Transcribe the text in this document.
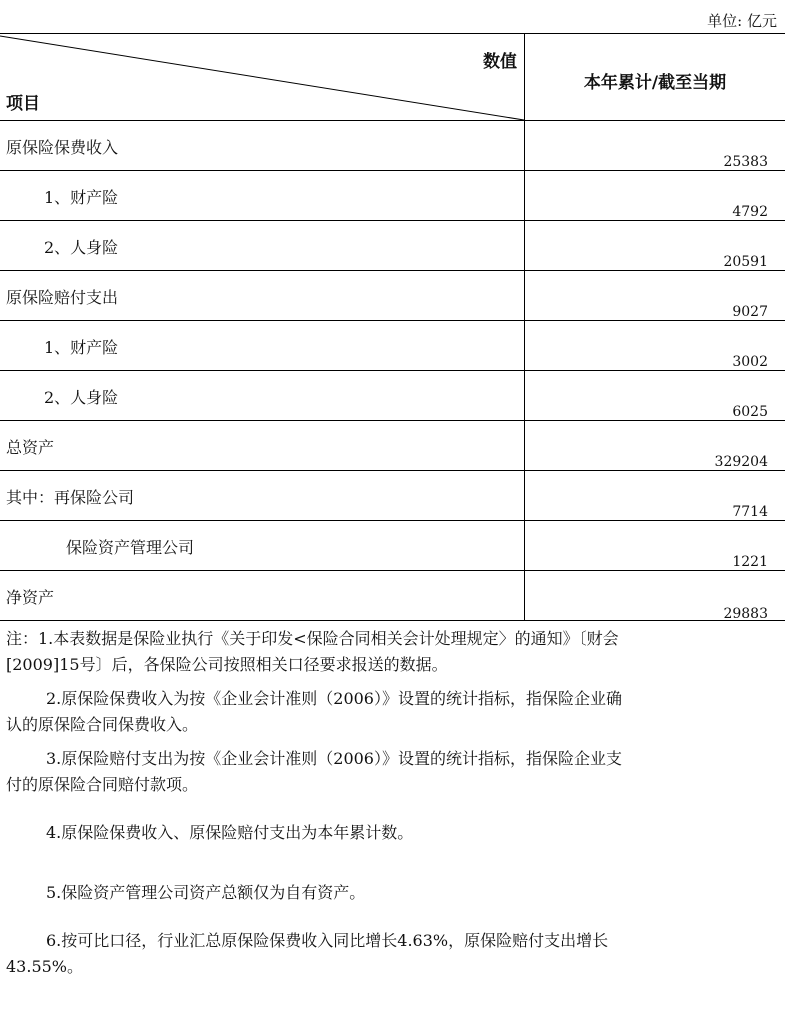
单位: 亿元
数值
项目
本年累计/截至当期
原保险保费收入
25383
1、财产险
4792
2、人身险
20591
原保险赔付支出
9027
1、财产险
3002
2、人身险
6025
总资产
329204
其中：再保险公司
7714
保险资产管理公司
1221
净资产
29883

注：1.本表数据是保险业执行《关于印发<保险合同相关会计处理规定〉的通知》〔财会

[2009]15号〕后，各保险公司按照相关口径要求报送的数据。

2.原保险保费收入为按《企业会计准则（2006）》设置的统计指标，指保险企业确

认的原保险合同保费收入。

3.原保险赔付支出为按《企业会计准则（2006）》设置的统计指标，指保险企业支

付的原保险合同赔付款项。

4.原保险保费收入、原保险赔付支出为本年累计数。

5.保险资产管理公司资产总额仅为自有资产。

6.按可比口径，行业汇总原保险保费收入同比增长4.63%，原保险赔付支出增长

43.55%。
